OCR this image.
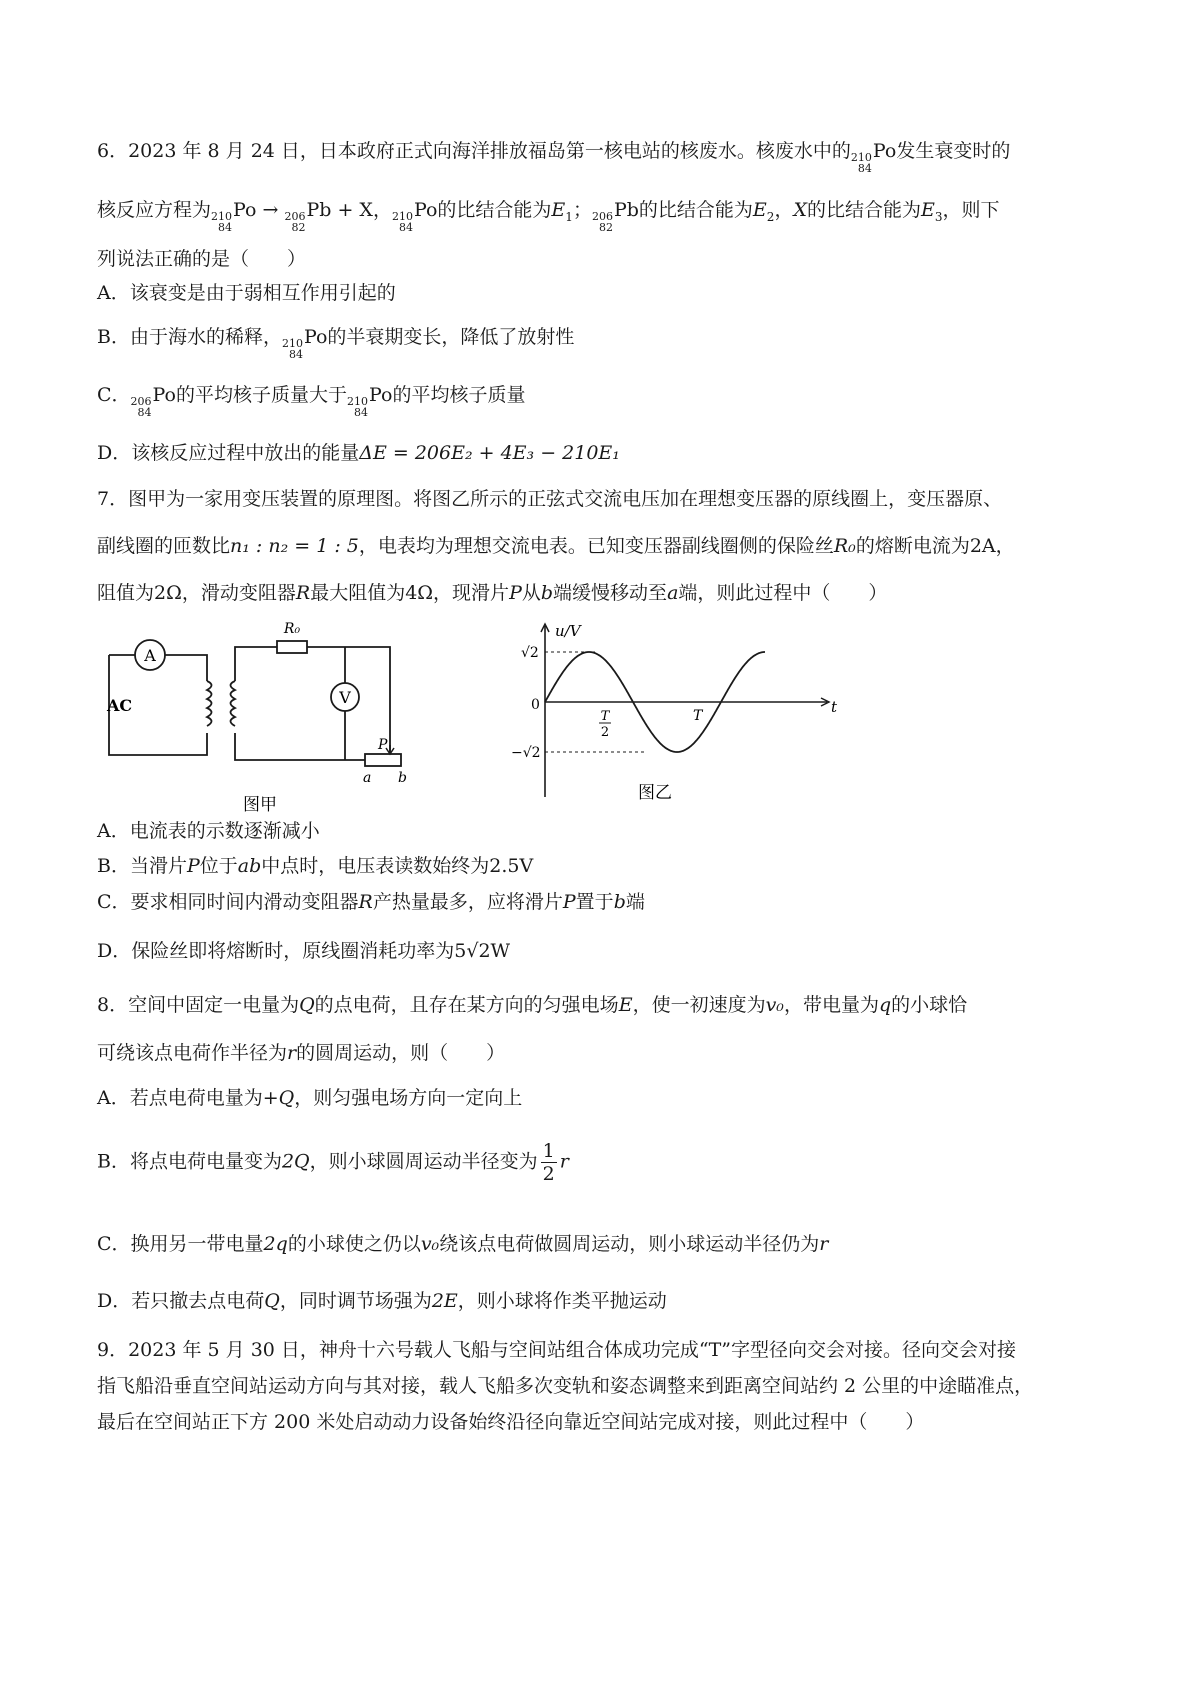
6．2023 年 8 月 24 日，日本政府正式向海洋排放福岛第一核电站的核废水。核废水中的 210
84
Po发生衰变时的
核反应方程为 210
84
Po → 206
82
Pb + X， 210
84
Po的比结合能为$E_1$； 206
82
Pb的比结合能为$E_2$，X的比结合能为$E_3$，则下
列说法正确的是（　　）
A．该衰变是由于弱相互作用引起的
B．由于海水的稀释， 210
84
Po的半衰期变长，降低了放射性
C． 206
84
Po的平均核子质量大于 210
84
Po的平均核子质量
D．该核反应过程中放出的能量ΔE = 206E₂ + 4E₃ − 210E₁
7．图甲为一家用变压装置的原理图。将图乙所示的正弦式交流电压加在理想变压器的原线圈上，变压器原、
副线圈的匝数比n₁ : n₂ = 1 : 5，电表均为理想交流电表。已知变压器副线圈侧的保险丝R₀的熔断电流为2A，
阻值为2Ω，滑动变阻器R最大阻值为4Ω，现滑片P从b端缓慢移动至a端，则此过程中（　　）
A
V
R₀
AC
P
a b
图甲
u/V
t
0
√2
−√2
T
2
T
图乙
A．电流表的示数逐渐减小
B．当滑片P位于ab中点时，电压表读数始终为2.5V
C．要求相同时间内滑动变阻器R产热量最多，应将滑片P置于b端
D．保险丝即将熔断时，原线圈消耗功率为5√2W
8．空间中固定一电量为Q的点电荷，且存在某方向的匀强电场E，使一初速度为v₀，带电量为q的小球恰
可绕该点电荷作半径为r的圆周运动，则（　　）
A．若点电荷电量为+Q，则匀强电场方向一定向上
B．将点电荷电量变为2Q，则小球圆周运动半径变为 $\frac{1}{2}$ r
C．换用另一带电量2q的小球使之仍以v₀绕该点电荷做圆周运动，则小球运动半径仍为r
D．若只撤去点电荷Q，同时调节场强为2E，则小球将作类平抛运动
9．2023 年 5 月 30 日，神舟十六号载人飞船与空间站组合体成功完成“T”字型径向交会对接。径向交会对接
指飞船沿垂直空间站运动方向与其对接，载人飞船多次变轨和姿态调整来到距离空间站约 2 公里的中途瞄准点，
最后在空间站正下方 200 米处启动动力设备始终沿径向靠近空间站完成对接，则此过程中（　　）
